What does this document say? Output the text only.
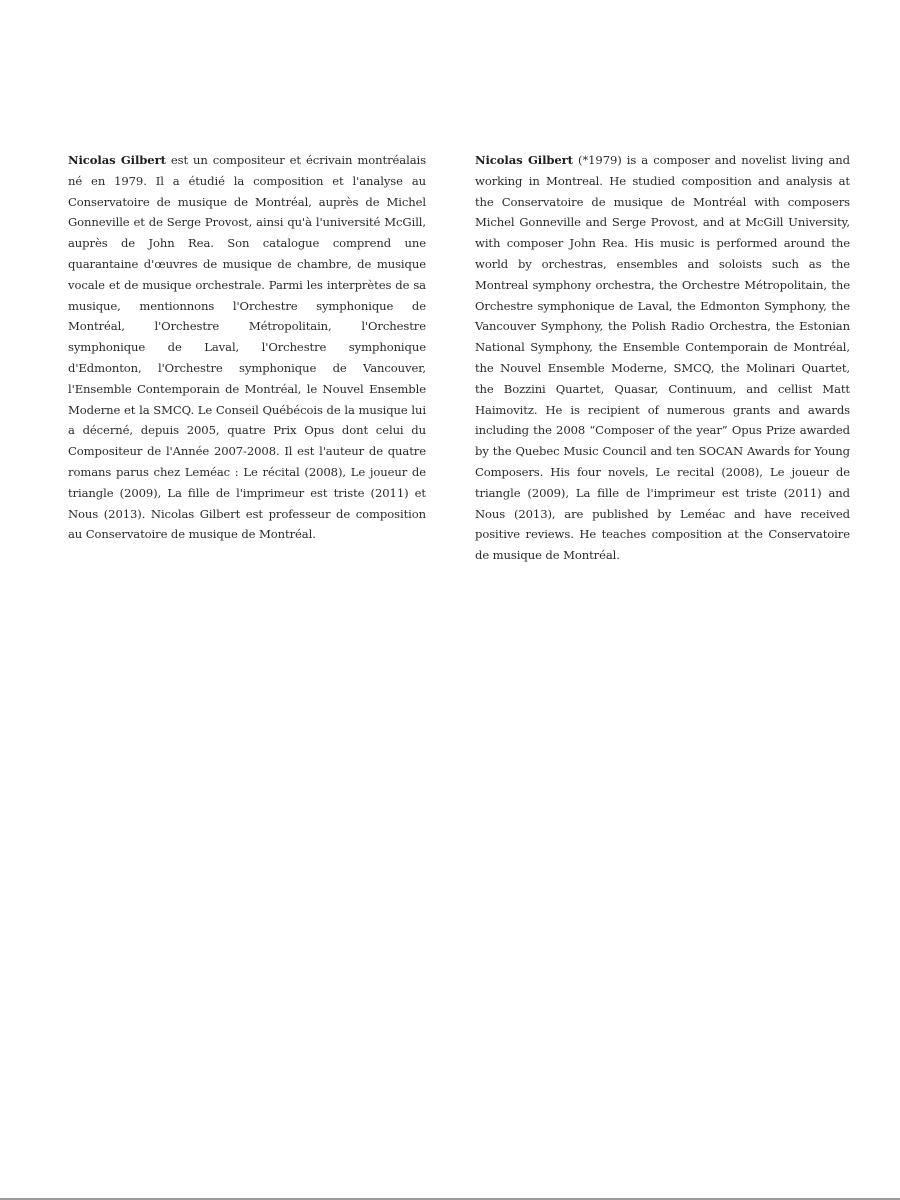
Nicolas Gilbert est un compositeur et écrivain montréalais né en 1979. Il a étudié la composition et l'analyse au Conservatoire de musique de Montréal, auprès de Michel Gonneville et de Serge Provost, ainsi qu'à l'université McGill, auprès de John Rea. Son catalogue comprend une quarantaine d'œuvres de musique de chambre, de musique vocale et de musique orchestrale. Parmi les interprètes de sa musique, mentionnons l'Orchestre symphonique de Montréal, l'Orchestre Métropolitain, l'Orchestre symphonique de Laval, l'Orchestre symphonique d'Edmonton, l'Orchestre symphonique de Vancouver, l'Ensemble Contemporain de Montréal, le Nouvel Ensemble Moderne et la SMCQ. Le Conseil Québécois de la musique lui a décerné, depuis 2005, quatre Prix Opus dont celui du Compositeur de l'Année 2007-2008. Il est l'auteur de quatre romans parus chez Leméac : Le récital (2008), Le joueur de triangle (2009), La fille de l'imprimeur est triste (2011) et Nous (2013). Nicolas Gilbert est professeur de composition au Conservatoire de musique de Montréal.
Nicolas Gilbert (*1979) is a composer and novelist living and working in Montreal. He studied composition and analysis at the Conservatoire de musique de Montréal with composers Michel Gonneville and Serge Provost, and at McGill University, with composer John Rea. His music is performed around the world by orchestras, ensembles and soloists such as the Montreal symphony orchestra, the Orchestre Métropolitain, the Orchestre symphonique de Laval, the Edmonton Symphony, the Vancouver Symphony, the Polish Radio Orchestra, the Estonian National Symphony, the Ensemble Contemporain de Montréal, the Nouvel Ensemble Moderne, SMCQ, the Molinari Quartet, the Bozzini Quartet, Quasar, Continuum, and cellist Matt Haimovitz. He is recipient of numerous grants and awards including the 2008 “Composer of the year” Opus Prize awarded by the Quebec Music Council and ten SOCAN Awards for Young Composers. His four novels, Le recital (2008), Le joueur de triangle (2009), La fille de l'imprimeur est triste (2011) and Nous (2013), are published by Leméac and have received positive reviews. He teaches composition at the Conservatoire de musique de Montréal.
